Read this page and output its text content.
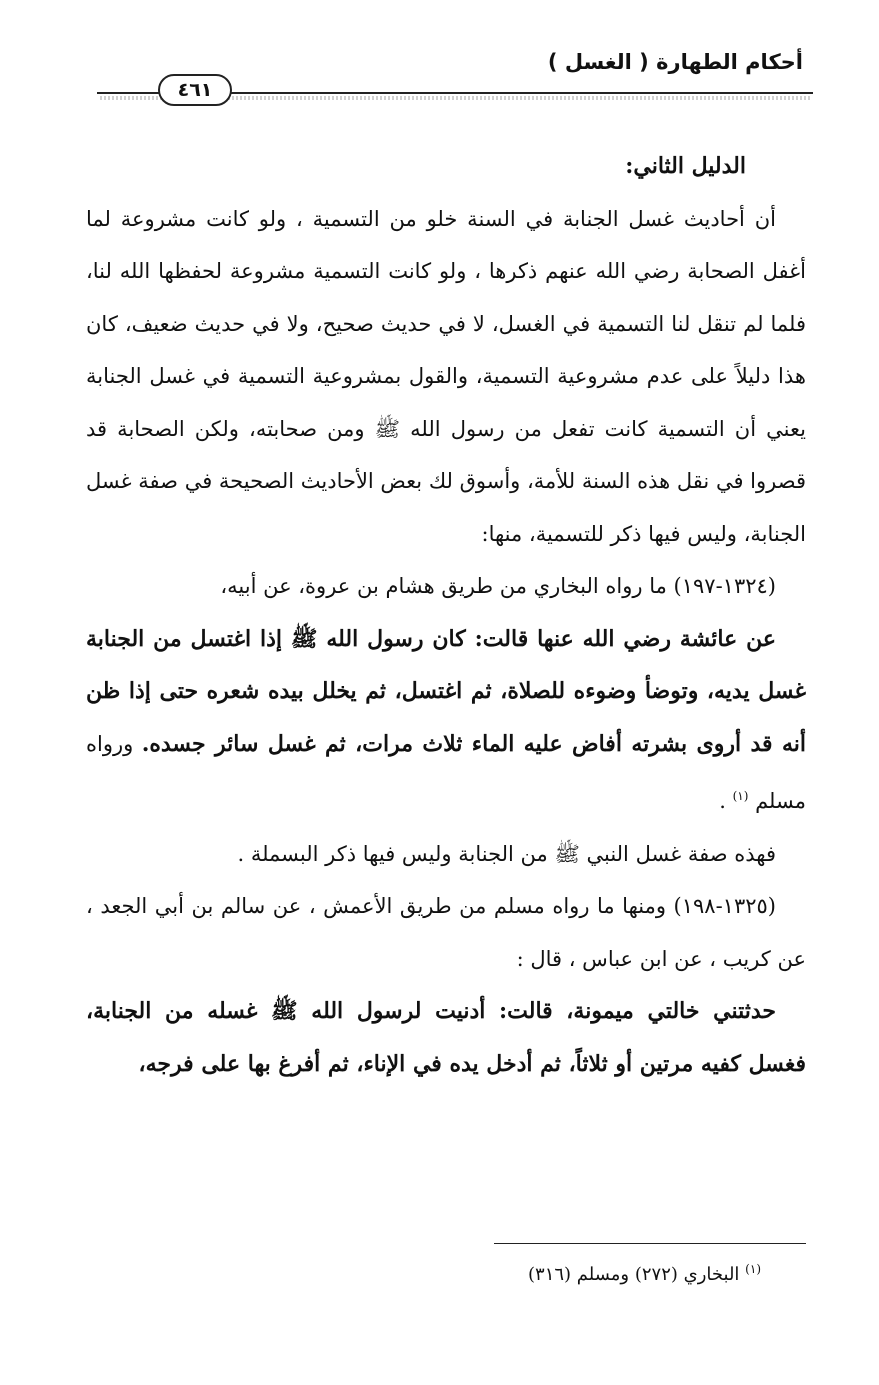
أحكام الطهارة ( الغسل )
٤٦١

الدليل الثاني:

أن أحاديث غسل الجنابة في السنة خلو من التسمية ، ولو كانت مشروعة لما أغفل الصحابة رضي الله عنهم ذكرها ، ولو كانت التسمية مشروعة لحفظها الله لنا، فلما لم تنقل لنا التسمية في الغسل، لا في حديث صحيح، ولا في حديث ضعيف، كان هذا دليلاً على عدم مشروعية التسمية، والقول بمشروعية التسمية في غسل الجنابة يعني أن التسمية كانت تفعل من رسول الله ﷺ ومن صحابته، ولكن الصحابة قد قصروا في نقل هذه السنة للأمة، وأسوق لك بعض الأحاديث الصحيحة في صفة غسل الجنابة، وليس فيها ذكر للتسمية، منها:

(١٣٢٤-١٩٧) ما رواه البخاري من طريق هشام بن عروة، عن أبيه،

عن عائشة رضي الله عنها قالت: كان رسول الله ﷺ إذا اغتسل من الجنابة غسل يديه، وتوضأ وضوءه للصلاة، ثم اغتسل، ثم يخلل بيده شعره حتى إذا ظن أنه قد أروى بشرته أفاض عليه الماء ثلاث مرات، ثم غسل سائر جسده. ورواه مسلم $^{(١)}$ .

فهذه صفة غسل النبي ﷺ من الجنابة وليس فيها ذكر البسملة .

(١٣٢٥-١٩٨) ومنها ما رواه مسلم من طريق الأعمش ، عن سالم بن أبي الجعد ، عن كريب ، عن ابن عباس ، قال :

حدثتني خالتي ميمونة، قالت: أدنيت لرسول الله ﷺ غسله من الجنابة، فغسل كفيه مرتين أو ثلاثاً، ثم أدخل يده في الإناء، ثم أفرغ بها على فرجه،

$^{(١)}$ البخاري (٢٧٢) ومسلم (٣١٦)
